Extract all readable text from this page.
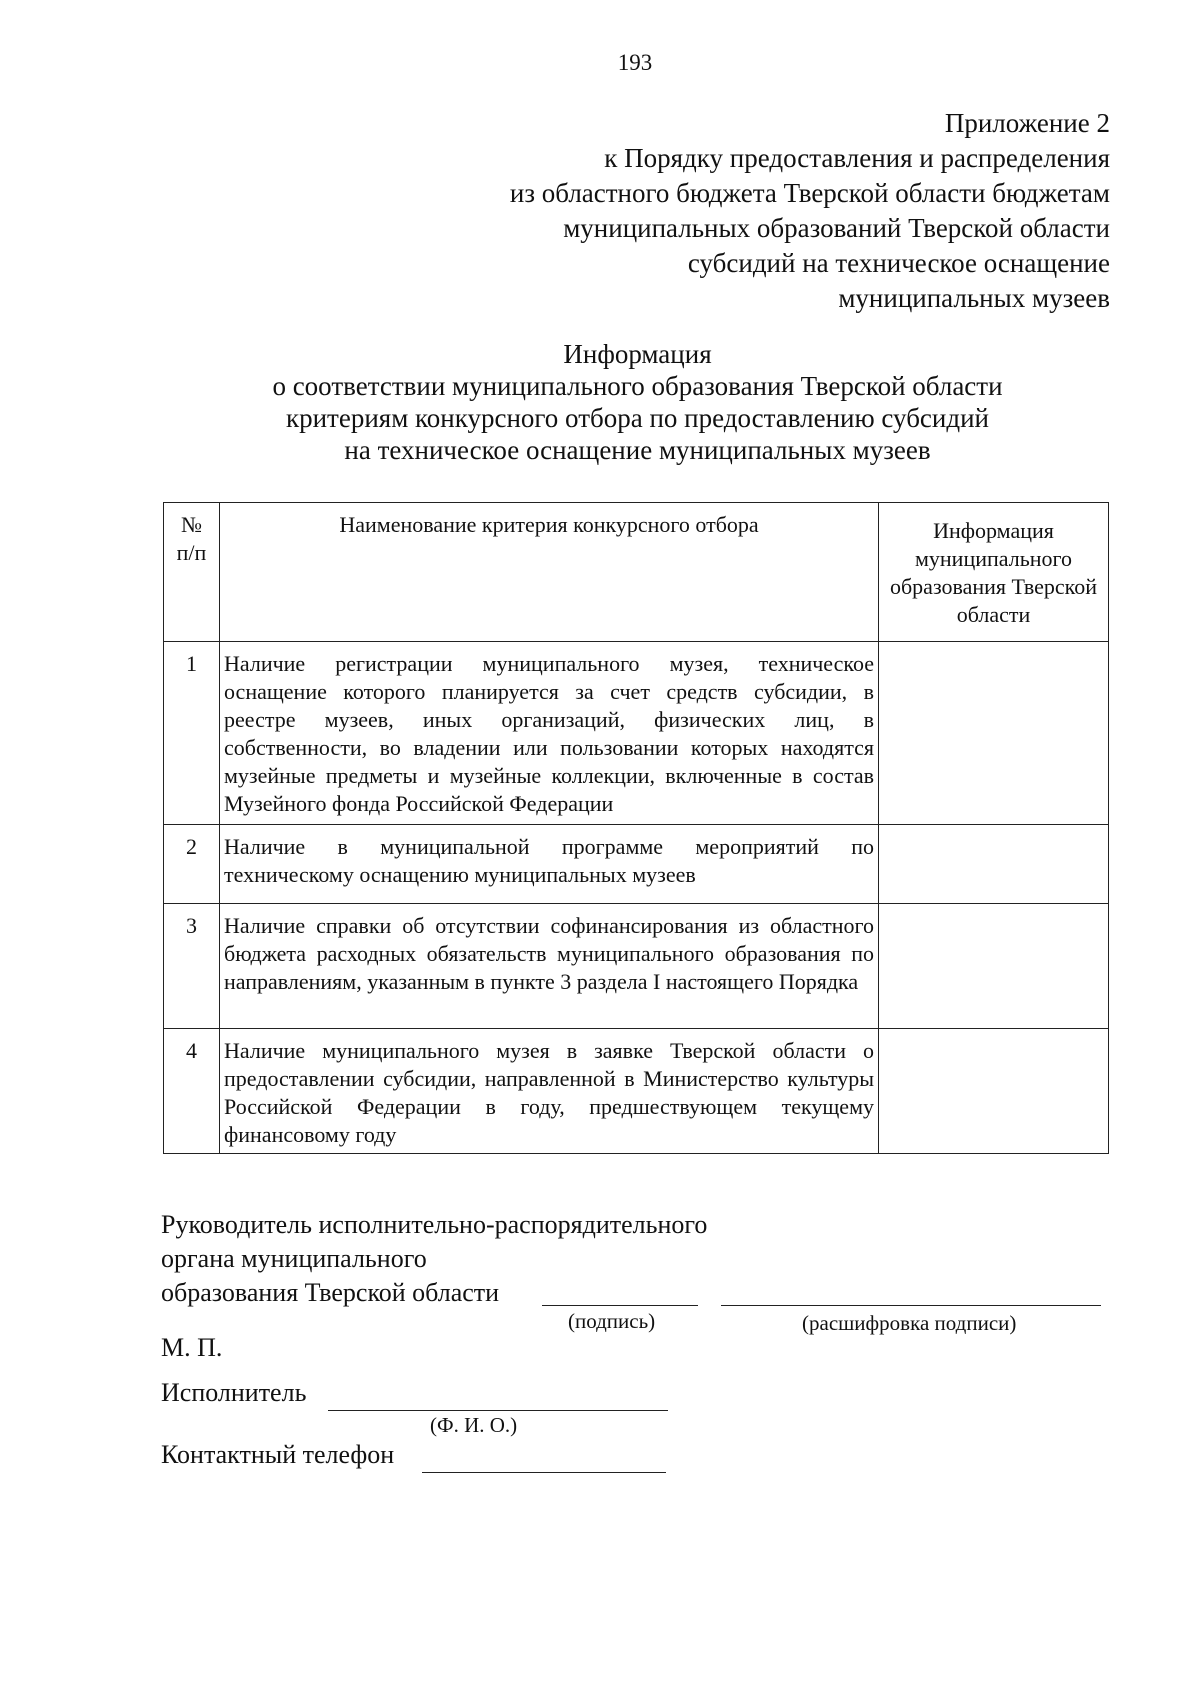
193
Приложение 2
к Порядку предоставления и распределения
из областного бюджета Тверской области бюджетам
муниципальных образований Тверской области
субсидий на техническое оснащение
муниципальных музеев
Информация
о соответствии муниципального образования Тверской области
критериям конкурсного отбора по предоставлению субсидий
на техническое оснащение муниципальных музеев
№
п/п	Наименование критерия конкурсного отбора	Информация муниципального образования Тверской области
1	Наличие регистрации муниципального музея, техническое оснащение которого планируется за счет средств субсидии, в реестре музеев, иных организаций, физических лиц, в собственности, во владении или пользовании которых находятся музейные предметы и музейные коллекции, включенные в состав Музейного фонда Российской Федерации	
2	Наличие в муниципальной программе мероприятий по техническому оснащению муниципальных музеев	
3	Наличие справки об отсутствии софинансирования из областного бюджета расходных обязательств муниципального образования по направлениям, указанным в пункте 3 раздела I настоящего Порядка	
4	Наличие муниципального музея в заявке Тверской области о предоставлении субсидии, направленной в Министерство культуры Российской Федерации в году, предшествующем текущему финансовому году	
Руководитель исполнительно-распорядительного
органа муниципального
образования Тверской области
(подпись)	(расшифровка подписи)
М. П.
Исполнитель
(Ф. И. О.)
Контактный телефон
